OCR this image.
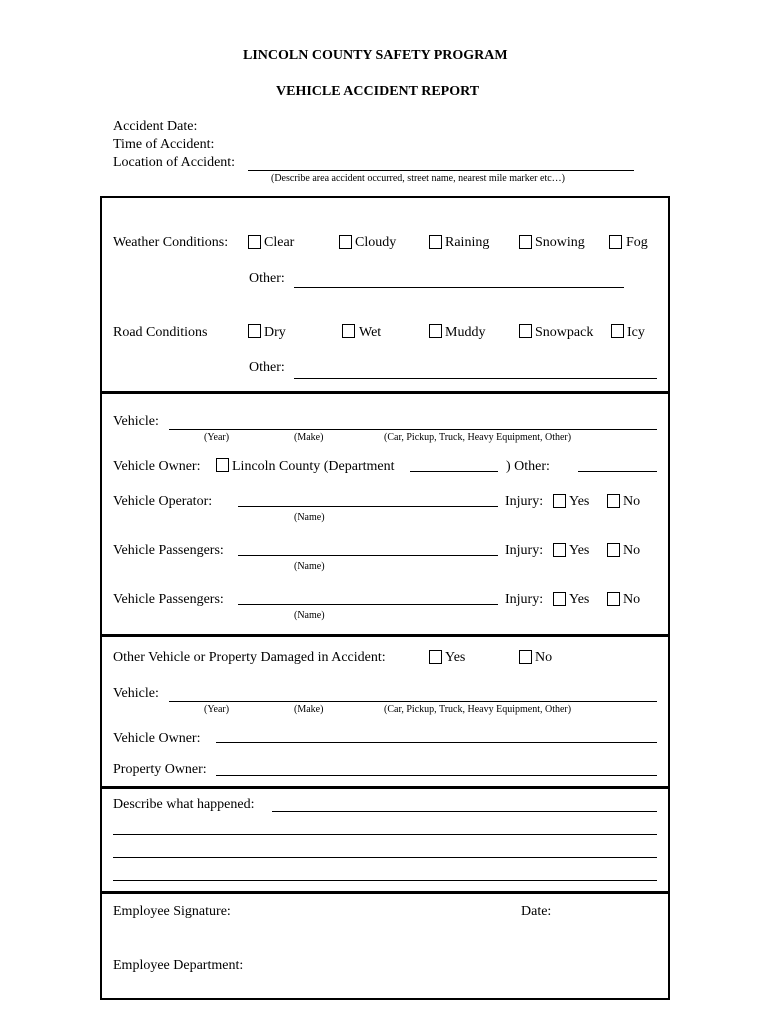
LINCOLN COUNTY SAFETY PROGRAM
VEHICLE ACCIDENT REPORT
Accident Date:
Time of Accident:
Location of Accident:
(Describe area accident occurred, street name, nearest mile marker etc…)
Weather Conditions:	Clear	Cloudy	Raining	Snowing	Fog
Other:
Road Conditions	Dry	Wet	Muddy	Snowpack Icy
Other:
Vehicle:
(Year)	(Make)	(Car, Pickup, Truck, Heavy Equipment, Other)
Vehicle Owner: Lincoln County (Department	) Other:
Vehicle Operator:
(Name)
Injury: Yes No
Vehicle Passengers:
(Name)
Injury: Yes No
Vehicle Passengers:
(Name)
Injury: Yes No
Other Vehicle or Property Damaged in Accident:	Yes	No
Vehicle:
(Year)	(Make)	(Car, Pickup, Truck, Heavy Equipment, Other)
Vehicle Owner:
Property Owner:
Describe what happened:
Employee Signature:	Date:
Employee Department:
